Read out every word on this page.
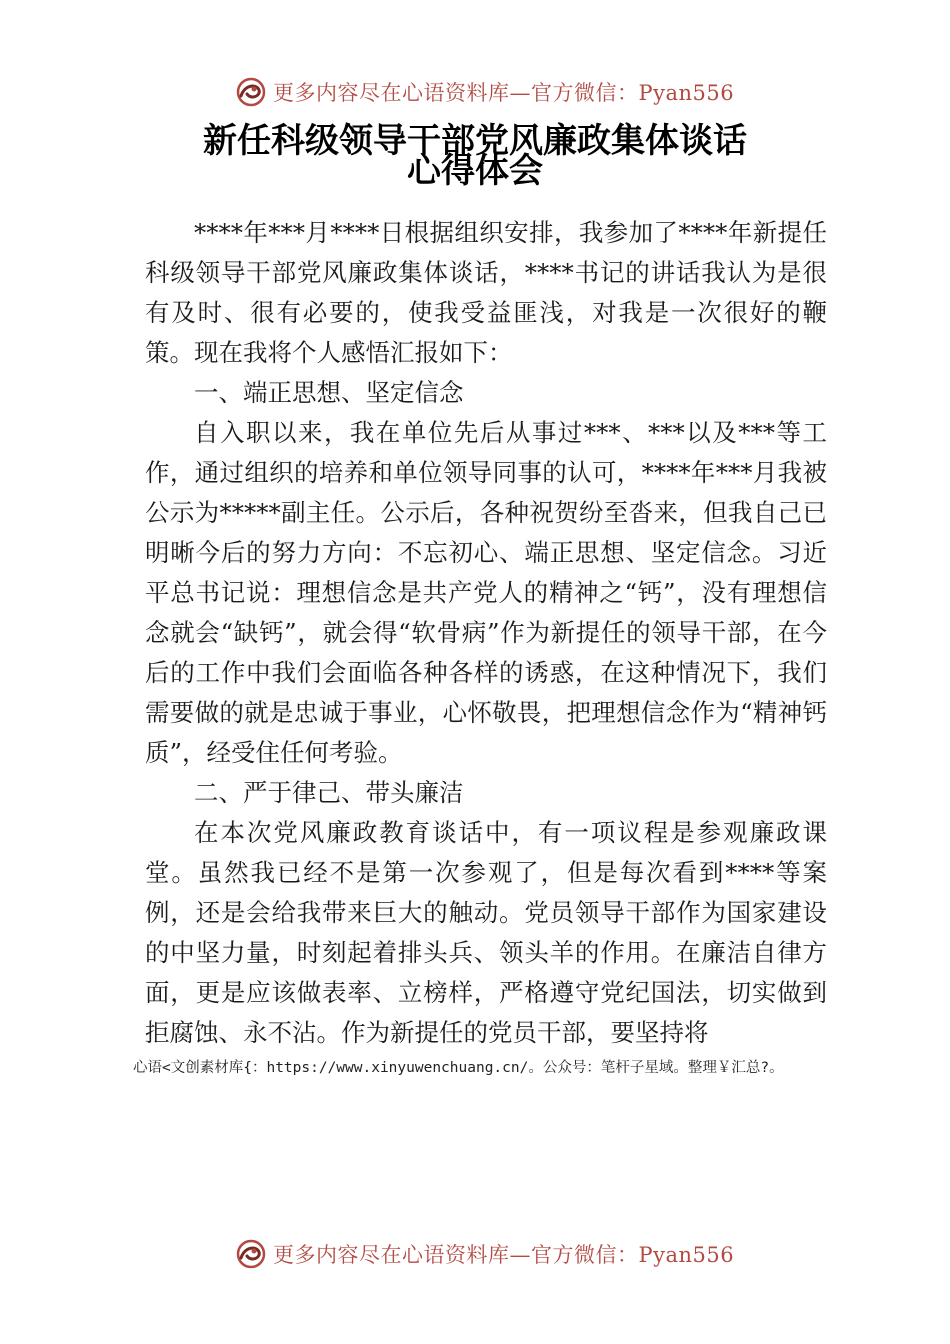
更多内容尽在心语资料库—官方微信：Pyan556
新任科级领导干部党风廉政集体谈话
心得体会

****年***月****日根据组织安排，我参加了****年新提任科级领导干部党风廉政集体谈话，****书记的讲话我认为是很有及时、很有必要的，使我受益匪浅，对我是一次很好的鞭策。现在我将个人感悟汇报如下：

一、端正思想、坚定信念

自入职以来，我在单位先后从事过***、***以及***等工作，通过组织的培养和单位领导同事的认可，****年***月我被公示为*****副主任。公示后，各种祝贺纷至沓来，但我自己已明晰今后的努力方向：不忘初心、端正思想、坚定信念。习近平总书记说：理想信念是共产党人的精神之“钙”，没有理想信念就会“缺钙”，就会得“软骨病”作为新提任的领导干部，在今后的工作中我们会面临各种各样的诱惑，在这种情况下，我们需要做的就是忠诚于事业，心怀敬畏，把理想信念作为“精神钙质”，经受住任何考验。

二、严于律己、带头廉洁

在本次党风廉政教育谈话中，有一项议程是参观廉政课堂。虽然我已经不是第一次参观了，但是每次看到****等案例，还是会给我带来巨大的触动。党员领导干部作为国家建设的中坚力量，时刻起着排头兵、领头羊的作用。在廉洁自律方面，更是应该做表率、立榜样，严格遵守党纪国法，切实做到拒腐蚀、永不沾。作为新提任的党员干部，要坚持将

心语<文创素材库{：https://www.xinyuwenchuang.cn/。公众号：笔杆子星域。整理￥汇总?。
更多内容尽在心语资料库—官方微信：Pyan556
